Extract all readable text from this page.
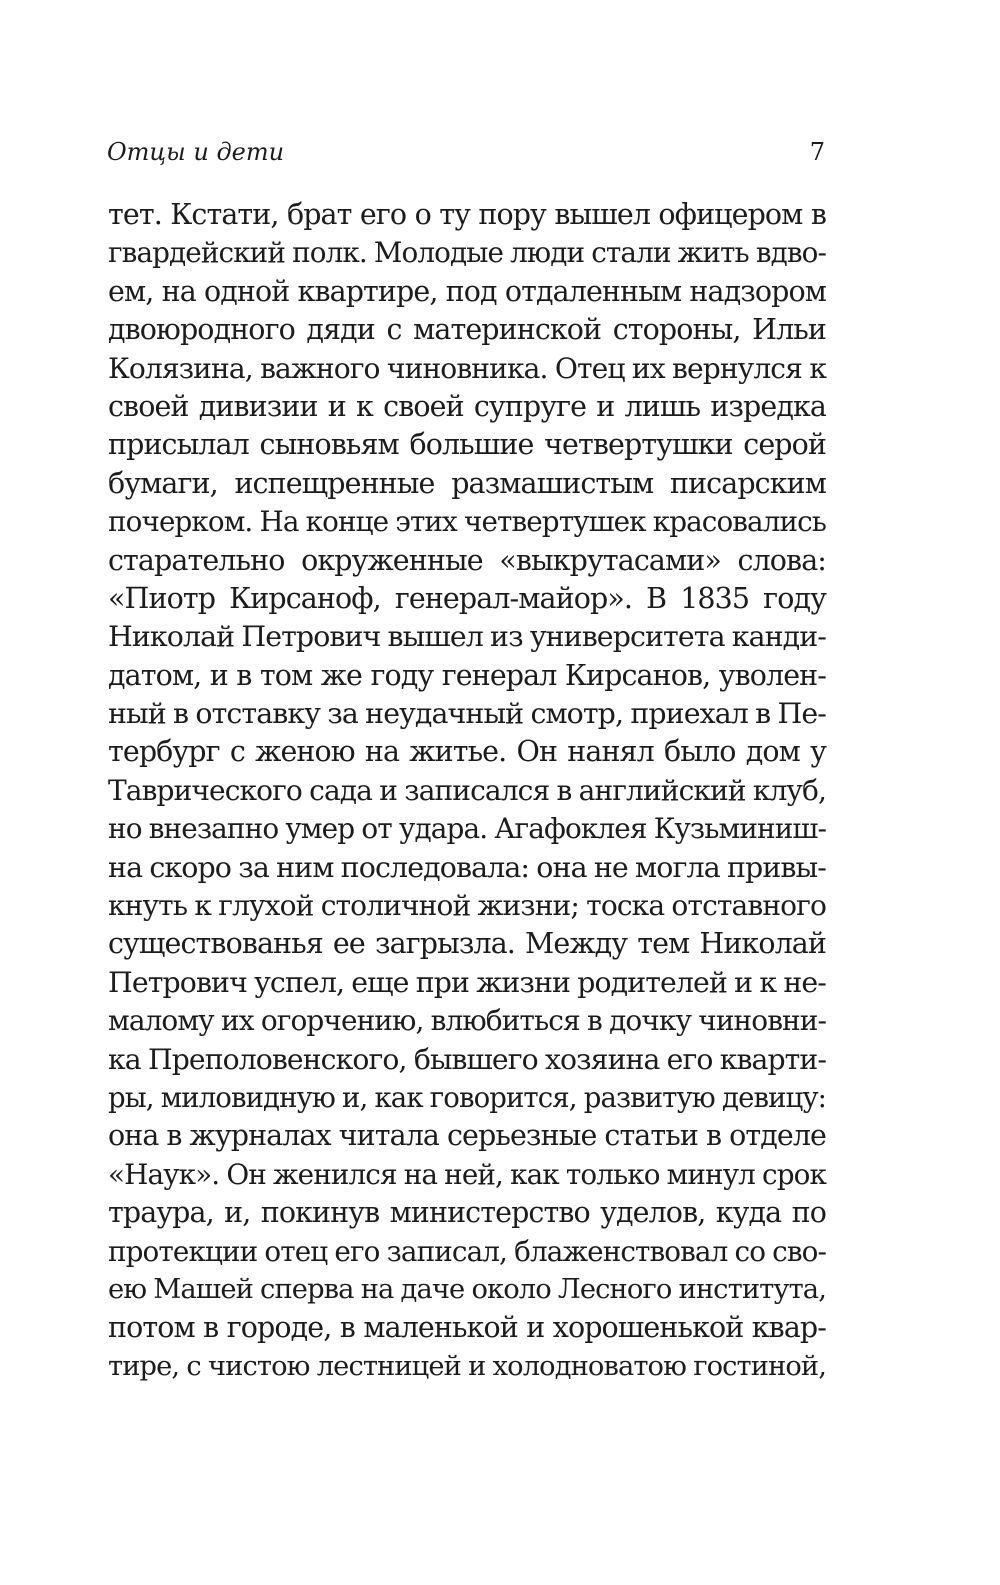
Отцы и дети	7
тет. Кстати, брат его о ту пору вышел офицером в
гвардейский полк. Молодые люди стали жить вдво-
ем, на одной квартире, под отдаленным надзором
двоюродного дяди с материнской стороны, Ильи
Колязина, важного чиновника. Отец их вернулся к
своей дивизии и к своей супруге и лишь изредка
присылал сыновьям большие четвертушки серой
бумаги, испещренные размашистым писарским
почерком. На конце этих четвертушек красовались
старательно окруженные «выкрутасами» слова:
«Пиотр Кирсаноф, генерал-майор». В 1835 году
Николай Петрович вышел из университета канди-
датом, и в том же году генерал Кирсанов, уволен-
ный в отставку за неудачный смотр, приехал в Пе-
тербург с женою на житье. Он нанял было дом у
Таврического сада и записался в английский клуб,
но внезапно умер от удара. Агафоклея Кузьминиш-
на скоро за ним последовала: она не могла привы-
кнуть к глухой столичной жизни; тоска отставного
существованья ее загрызла. Между тем Николай
Петрович успел, еще при жизни родителей и к не-
малому их огорчению, влюбиться в дочку чиновни-
ка Преполовенского, бывшего хозяина его кварти-
ры, миловидную и, как говорится, развитую девицу:
она в журналах читала серьезные статьи в отделе
«Наук». Он женился на ней, как только минул срок
траура, и, покинув министерство уделов, куда по
протекции отец его записал, блаженствовал со сво-
ею Машей сперва на даче около Лесного института,
потом в городе, в маленькой и хорошенькой квар-
тире, с чистою лестницей и холодноватою гостиной,
